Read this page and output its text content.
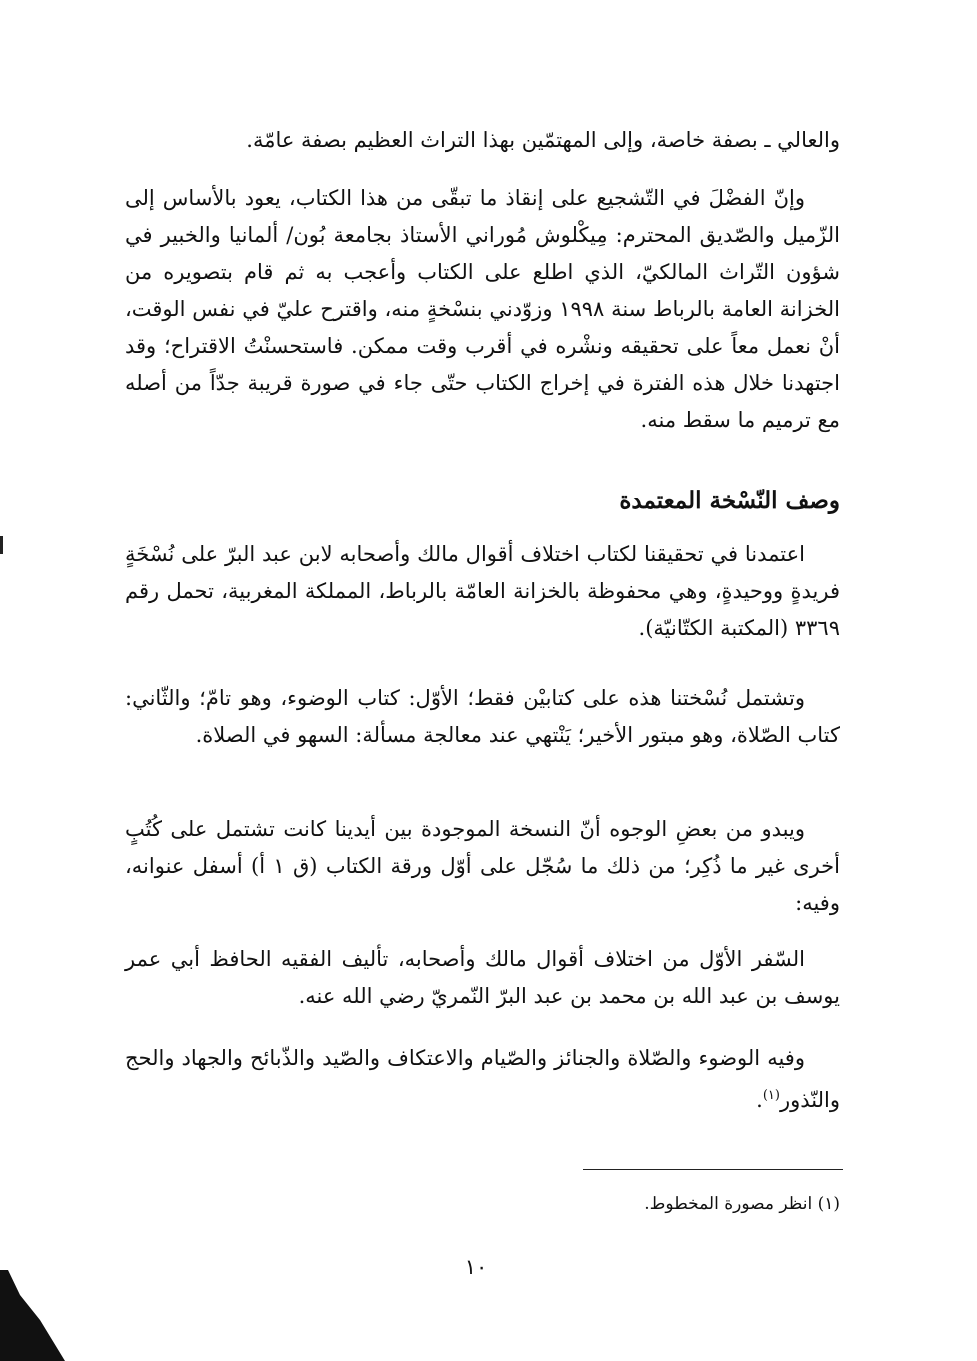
والعالي ـ بصفة خاصة، وإلى المهتمّين بهذا التراث العظيم بصفة عامّة.

وإنّ الفضْلَ في التّشجيع على إنقاذ ما تبقّى من هذا الكتاب، يعود بالأساس إلى الزّميل والصّديق المحترم: مِيكْلوش مُوراني الأستاذ بجامعة بُون/ ألمانيا والخبير في شؤون التّراث المالكيّ، الذي اطلع على الكتاب وأعجب به ثم قام بتصويره من الخزانة العامة بالرباط سنة ١٩٩٨ وزوّدني بنسْخةٍ منه، واقترح عليّ في نفس الوقت، أنْ نعمل معاً على تحقيقه ونشْره في أقرب وقت ممكن. فاستحسنْتُ الاقتراح؛ وقد اجتهدنا خلال هذه الفترة في إخراج الكتاب حتّى جاء في صورة قريبة جدّاً من أصله مع ترميم ما سقط منه.

وصف النّسْخة المعتمدة

اعتمدنا في تحقيقنا لكتاب اختلاف أقوال مالك وأصحابه لابن عبد البرّ على نُسْخَةٍ فريدةٍ ووحيدةٍ، وهي محفوظة بالخزانة العامّة بالرباط، المملكة المغربية، تحمل رقم ٣٣٦٩ (المكتبة الكتّانيّة).

وتشتمل نُسْختنا هذه على كتابيْن فقط؛ الأوّل: كتاب الوضوء، وهو تامّ؛ والثّاني: كتاب الصّلاة، وهو مبتور الأخير؛ يَنْتهي عند معالجة مسألة: السهو في الصلاة.

ويبدو من بعضِ الوجوه أنّ النسخة الموجودة بين أيدينا كانت تشتمل على كُتُبٍ أخرى غير ما ذُكِر؛ من ذلك ما سُجّل على أوّل ورقة الكتاب (ق ١ أ) أسفل عنوانه، وفيه:

السّفر الأوّل من اختلاف أقوال مالك وأصحابه، تأليف الفقيه الحافظ أبي عمر يوسف بن عبد الله بن محمد بن عبد البرّ النّمريّ رضي الله عنه.

وفيه الوضوء والصّلاة والجنائز والصّيام والاعتكاف والصّيد والذّبائح والجهاد والحج والنّذور$^{(١)}$.

(١) انظر مصورة المخطوط.
١٠
